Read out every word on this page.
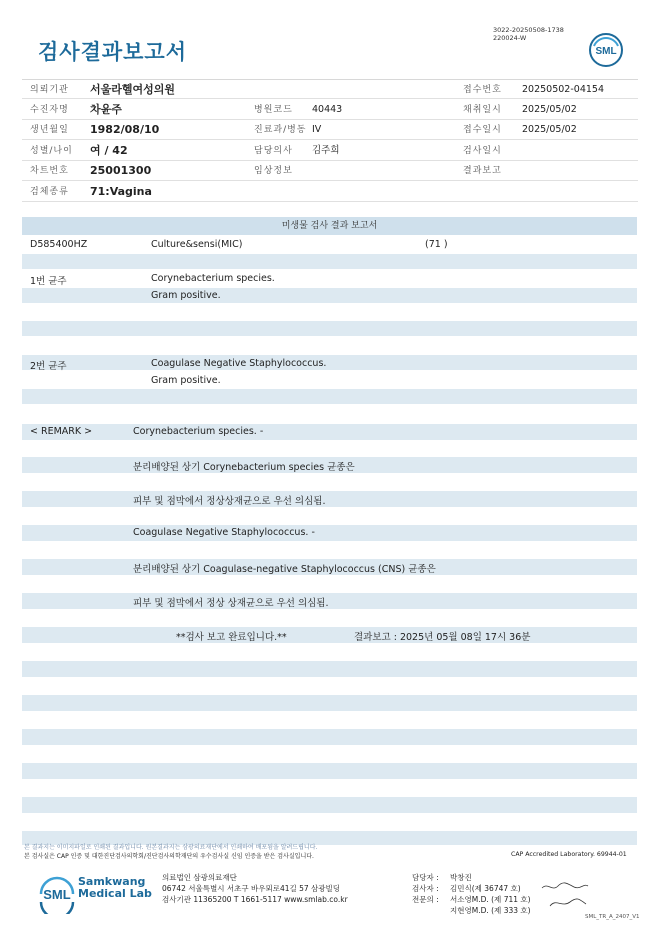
검사결과보고서
3022-20250508-1738
220024-W
SML
의뢰기관 서울라헬여성의원	접수번호 20250502-04154
수진자명 차윤주	병원코드 40443	채취일시 2025/05/02
생년월일 1982/08/10	진료과/병동 IV	접수일시 2025/05/02
성별/나이 여 / 42	담당의사 김주희	검사일시
차트번호 25001300	임상정보	결과보고
검체종류 71:Vagina
미생물 검사 결과 보고서
D585400HZ	Culture&sensi(MIC)	(71 )
1번 균주	Corynebacterium species.
Gram positive.
2번 균주	Coagulase Negative Staphylococcus.
Gram positive.
< REMARK >	Corynebacterium species. -
분리배양된 상기 Corynebacterium species 균종은
피부 및 점막에서 정상상재균으로 우선 의심됨.
Coagulase Negative Staphylococcus. -
분리배양된 상기 Coagulase-negative Staphylococcus (CNS) 균종은
피부 및 점막에서 정상 상재균으로 우선 의심됨.
**검사 보고 완료입니다.**	결과보고 : 2025년 05월 08일 17시 36분
본 결과지는 이미지파일로 인쇄된 결과입니다. 원본결과지는 삼광의료재단에서 인쇄하여 배포됨을 알려드립니다.
본 검사실은 CAP 인증 및 대한진단검사의학회/진단검사의학재단의 우수검사실 신임 인증을 받은 검사실입니다.	CAP Accredited Laboratory. 69944-01
SML
Samkwang
Medical Lab
의료법인 삼광의료재단
06742 서울특별시 서초구 바우뫼로41길 57 삼광빌딩
검사기관 11365200 T 1661-5117 www.smlab.co.kr
담당자 : 박창진
검사자 : 김민식(제 36747 호)
전문의 : 서소영M.D. (제 711 호)
지현영M.D. (제 333 호)
SML_TR_A_2407_V1
